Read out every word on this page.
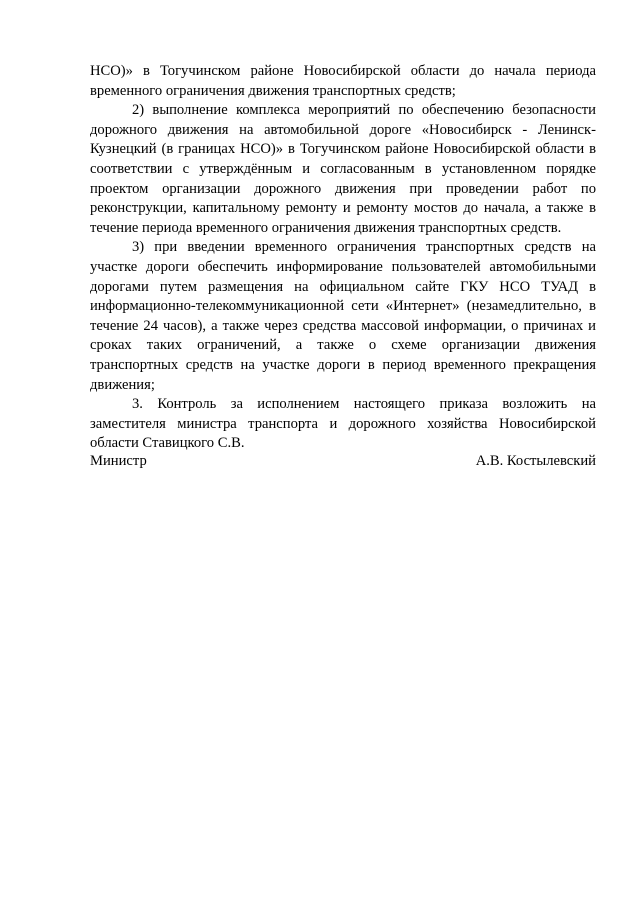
НСО)» в Тогучинском районе Новосибирской области до начала периода временного ограничения движения транспортных средств;

2) выполнение комплекса мероприятий по обеспечению безопасности дорожного движения на автомобильной дороге «Новосибирск - Ленинск-Кузнецкий (в границах НСО)» в Тогучинском районе Новосибирской области в соответствии с утверждённым и согласованным в установленном порядке проектом организации дорожного движения при проведении работ по реконструкции, капитальному ремонту и ремонту мостов до начала, а также в течение периода временного ограничения движения транспортных средств.

3) при введении временного ограничения транспортных средств на участке дороги обеспечить информирование пользователей автомобильными дорогами путем размещения на официальном сайте ГКУ НСО ТУАД в информационно-телекоммуникационной сети «Интернет» (незамедлительно, в течение 24 часов), а также через средства массовой информации, о причинах и сроках таких ограничений, а также о схеме организации движения транспортных средств на участке дороги в период временного прекращения движения;

3. Контроль за исполнением настоящего приказа возложить на заместителя министра транспорта и дорожного хозяйства Новосибирской области Ставицкого С.В.

Министр	А.В. Костылевский
